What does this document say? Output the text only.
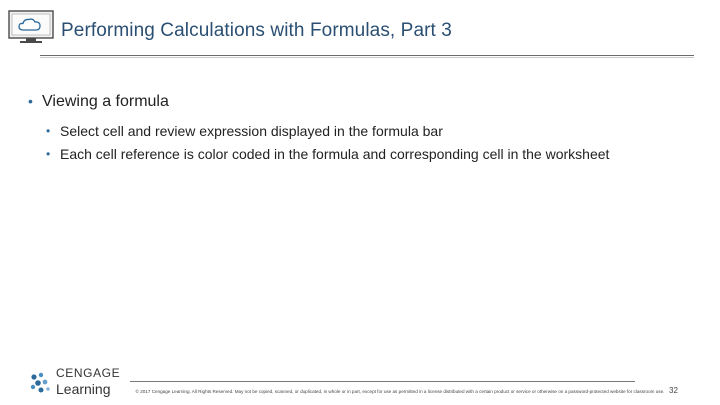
Performing Calculations with Formulas, Part 3
• Viewing a formula
• Select cell and review expression displayed in the formula bar
• Each cell reference is color coded in the formula and corresponding cell in the worksheet
CENGAGE
Learning	© 2017 Cengage Learning. All Rights Reserved. May not be copied, scanned, or duplicated, in whole or in part, except for use as permitted in a license distributed with a certain product or service or otherwise on a password-protected website for classroom use. 32
